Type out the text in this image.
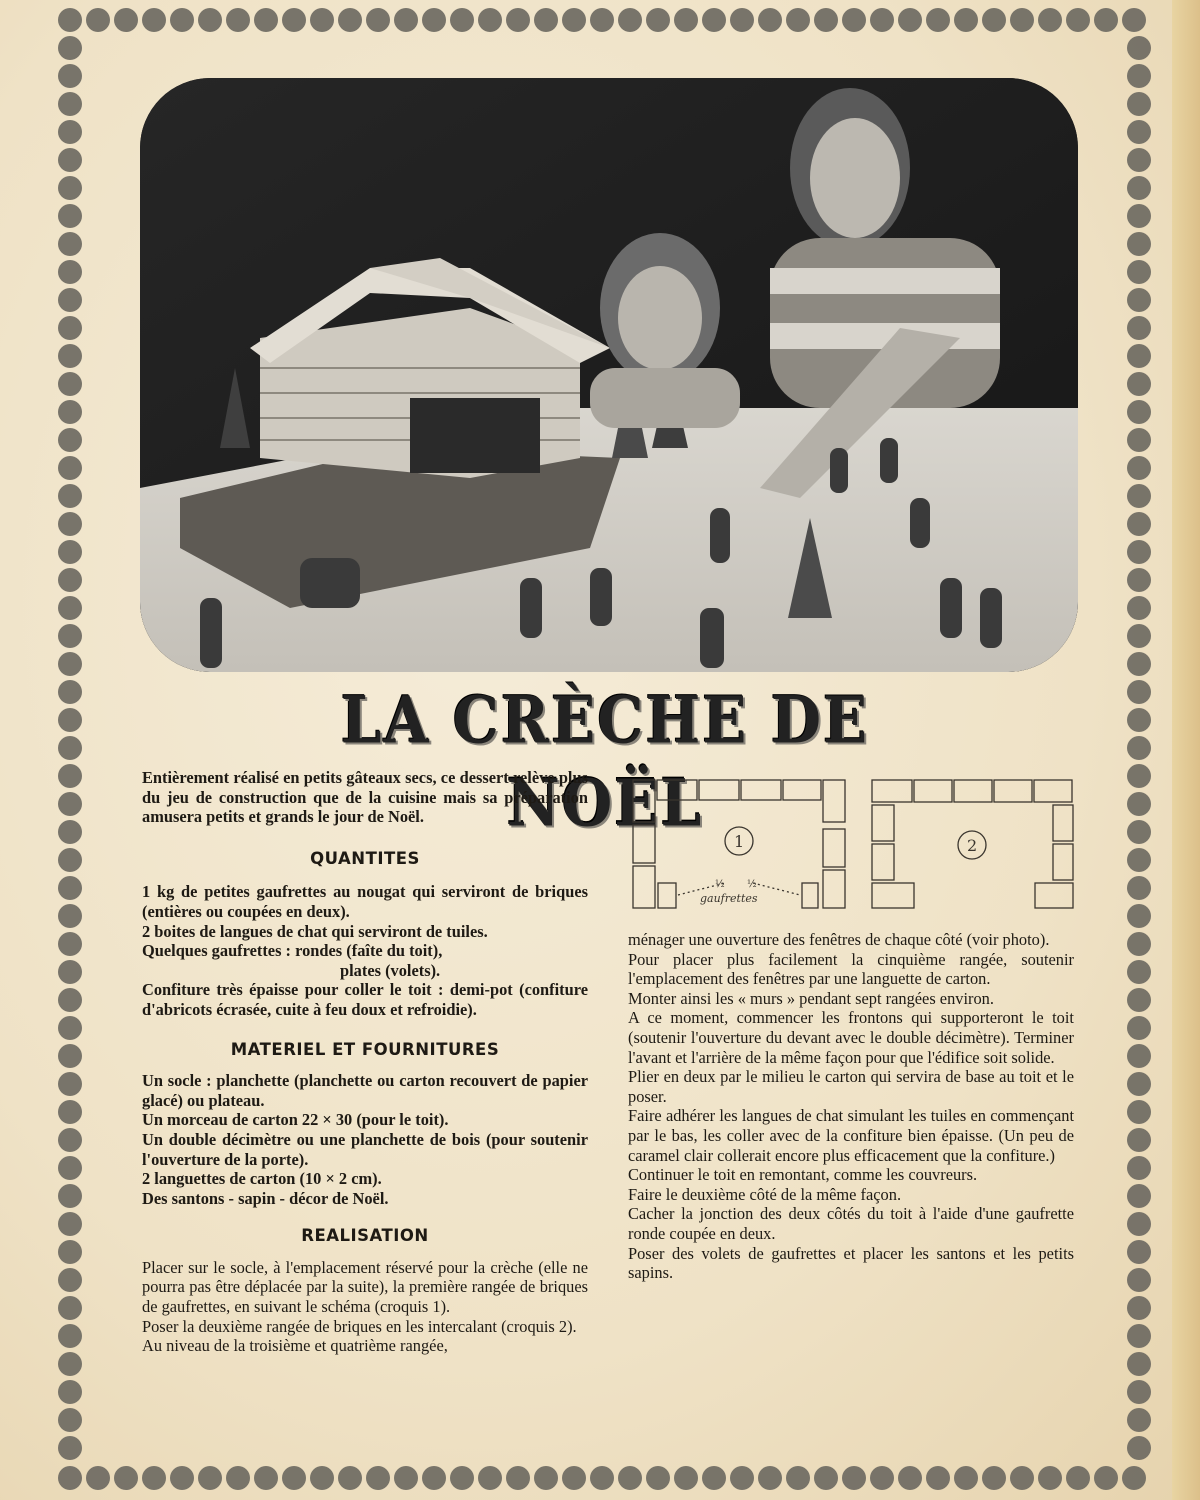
LA CRÈCHE DE NOËL

Entièrement réalisé en petits gâteaux secs, ce dessert relève plus du jeu de construction que de la cuisine mais sa préparation amusera petits et grands le jour de Noël.

QUANTITES

1 kg de petites gaufrettes au nougat qui serviront de briques (entières ou coupées en deux).

2 boites de langues de chat qui serviront de tuiles.

Quelques gaufrettes : rondes (faîte du toit),

plates (volets).

Confiture très épaisse pour coller le toit : demi-pot (confiture d'abricots écrasée, cuite à feu doux et refroidie).

MATERIEL ET FOURNITURES

Un socle : planchette (planchette ou carton recouvert de papier glacé) ou plateau.

Un morceau de carton 22 × 30 (pour le toit).

Un double décimètre ou une planchette de bois (pour soutenir l'ouverture de la porte).

2 languettes de carton (10 × 2 cm).

Des santons - sapin - décor de Noël.

REALISATION

Placer sur le socle, à l'emplacement réservé pour la crèche (elle ne pourra pas être déplacée par la suite), la première rangée de briques de gaufrettes, en suivant le schéma (croquis 1).

Poser la deuxième rangée de briques en les intercalant (croquis 2).

Au niveau de la troisième et quatrième rangée,

1
½ ½
gaufrettes
2

ménager une ouverture des fenêtres de chaque côté (voir photo).

Pour placer plus facilement la cinquième rangée, soutenir l'emplacement des fenêtres par une languette de carton.

Monter ainsi les « murs » pendant sept rangées environ.

A ce moment, commencer les frontons qui supporteront le toit (soutenir l'ouverture du devant avec le double décimètre). Terminer l'avant et l'arrière de la même façon pour que l'édifice soit solide.

Plier en deux par le milieu le carton qui servira de base au toit et le poser.

Faire adhérer les langues de chat simulant les tuiles en commençant par le bas, les coller avec de la confiture bien épaisse. (Un peu de caramel clair collerait encore plus efficacement que la confiture.)

Continuer le toit en remontant, comme les couvreurs.

Faire le deuxième côté de la même façon.

Cacher la jonction des deux côtés du toit à l'aide d'une gaufrette ronde coupée en deux.

Poser des volets de gaufrettes et placer les santons et les petits sapins.
